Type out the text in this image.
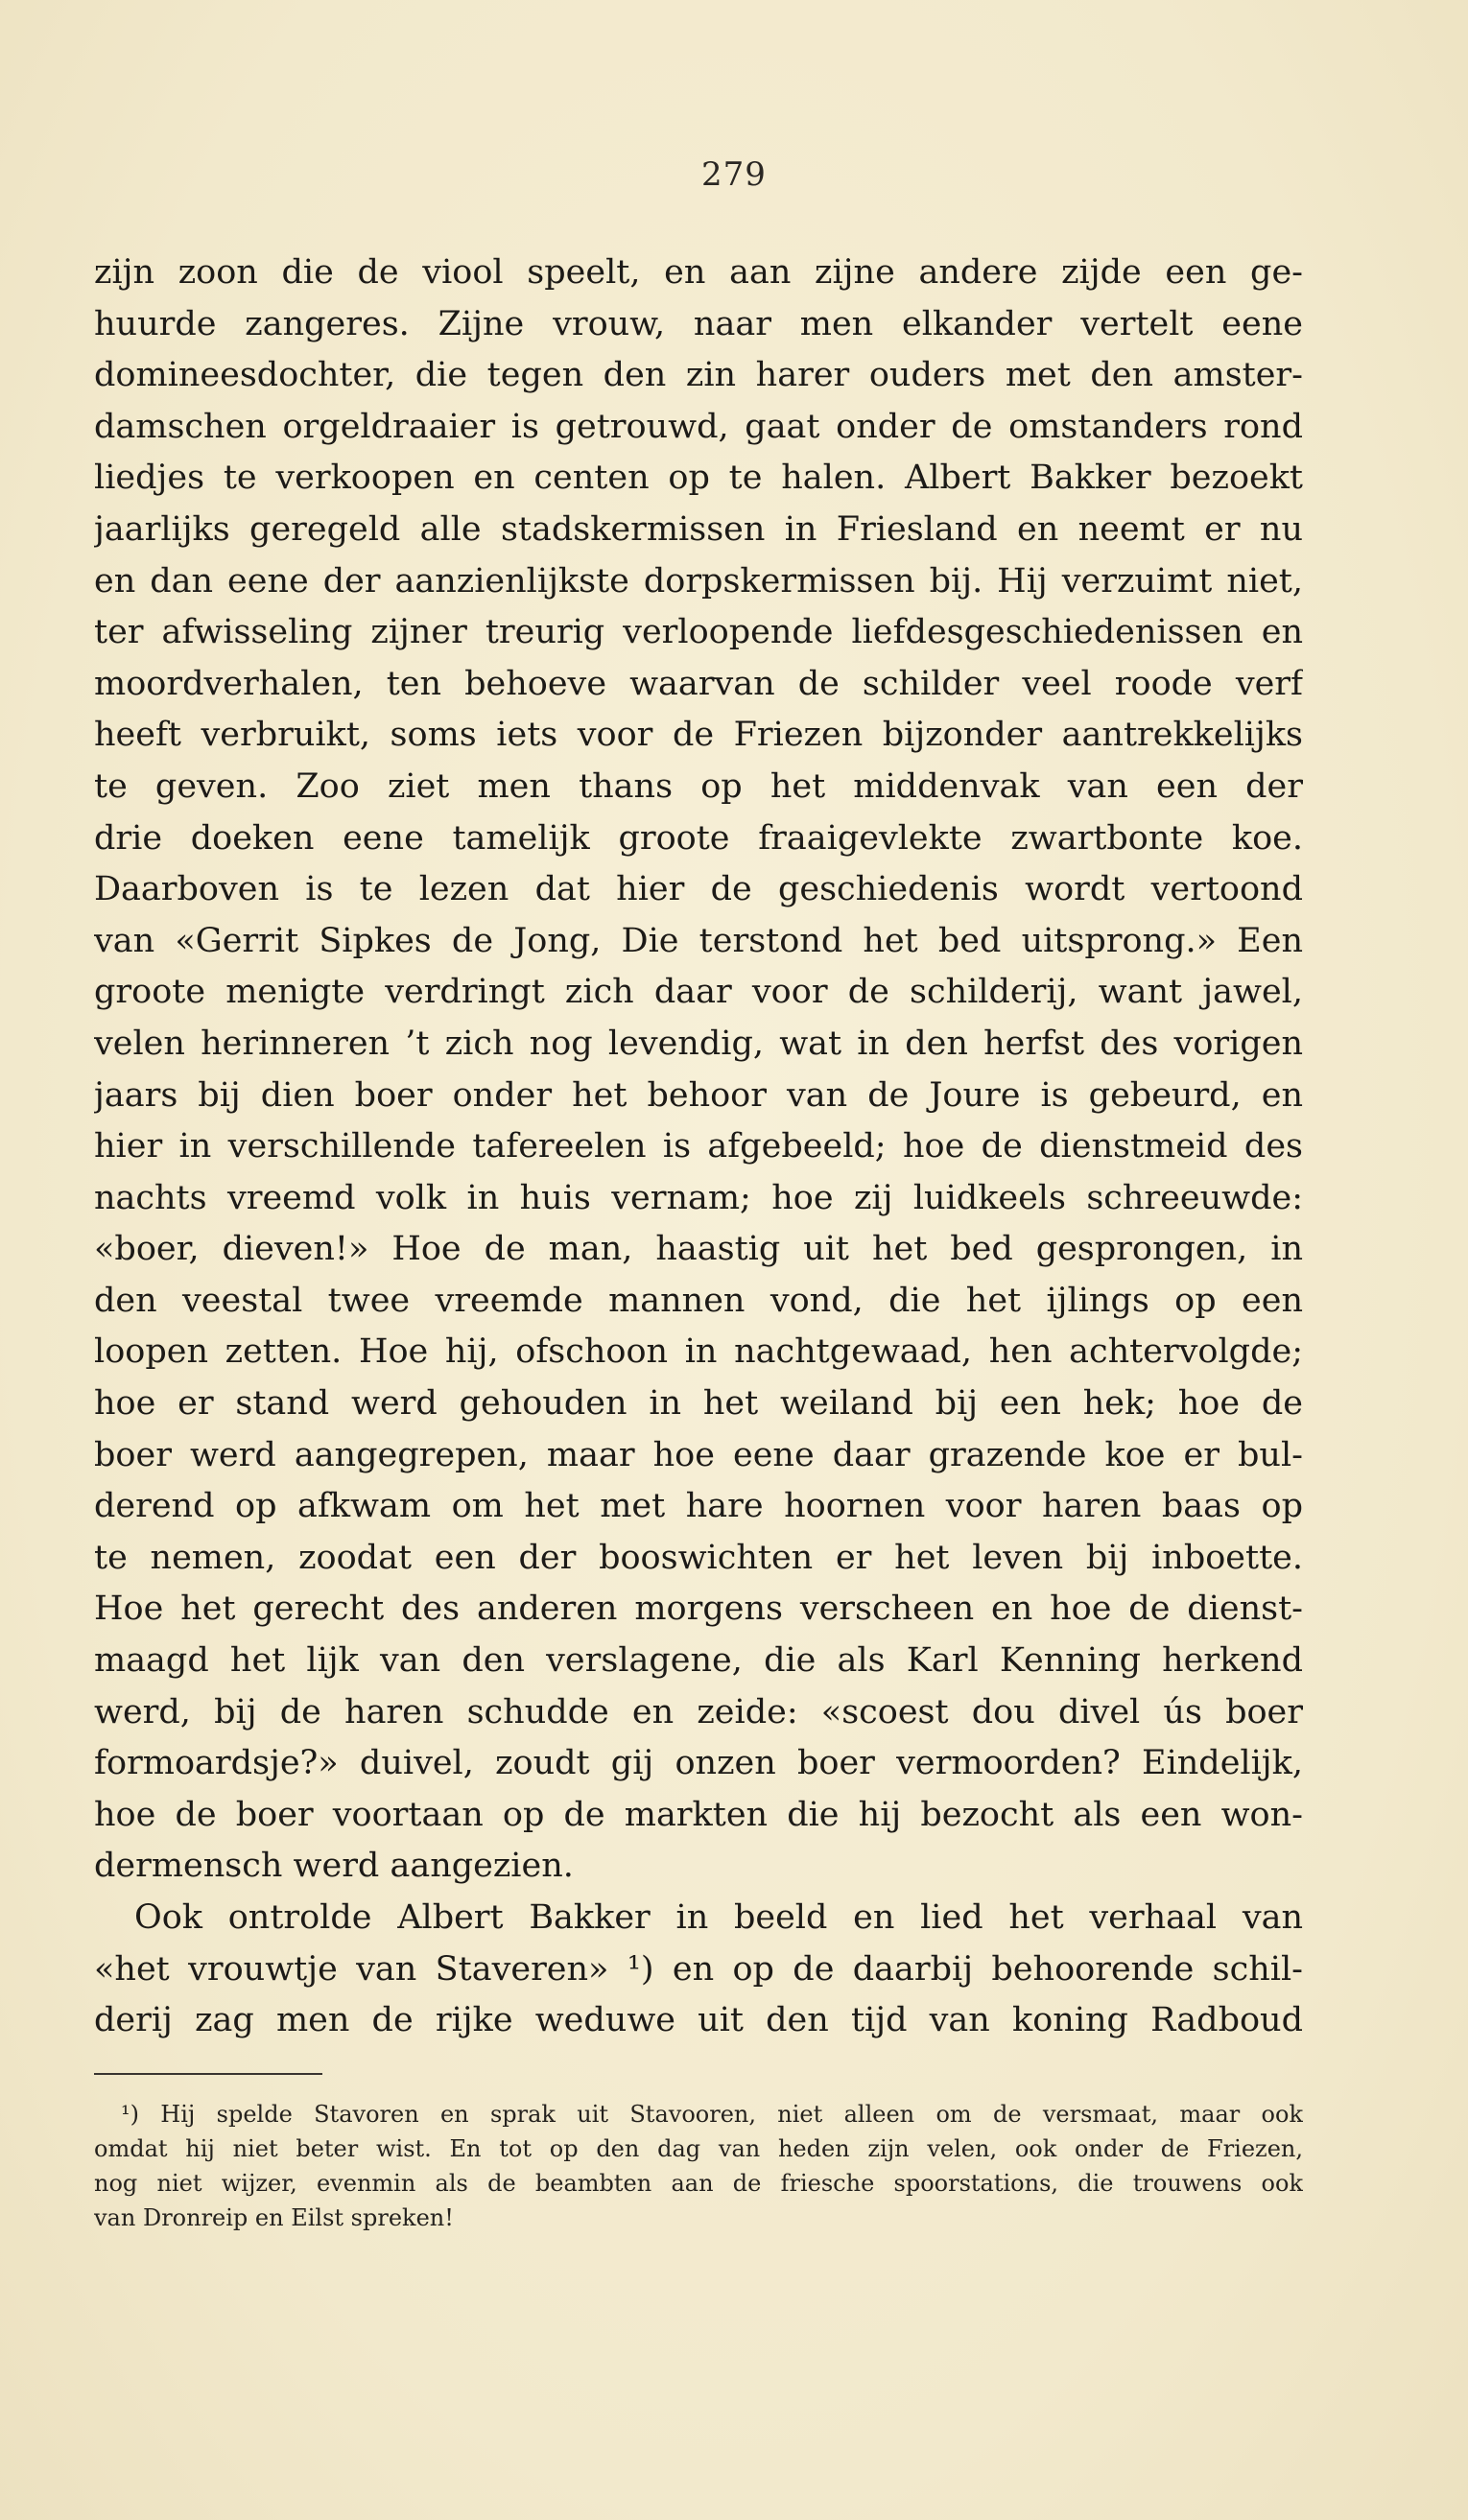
279
zijn zoon die de viool speelt, en aan zijne andere zijde een ge-
huurde zangeres. Zijne vrouw, naar men elkander vertelt eene
domineesdochter, die tegen den zin harer ouders met den amster-
damschen orgeldraaier is getrouwd, gaat onder de omstanders rond
liedjes te verkoopen en centen op te halen. Albert Bakker bezoekt
jaarlijks geregeld alle stadskermissen in Friesland en neemt er nu
en dan eene der aanzienlijkste dorpskermissen bij. Hij verzuimt niet,
ter afwisseling zijner treurig verloopende liefdesgeschiedenissen en
moordverhalen, ten behoeve waarvan de schilder veel roode verf
heeft verbruikt, soms iets voor de Friezen bijzonder aantrekkelijks
te geven. Zoo ziet men thans op het middenvak van een der
drie doeken eene tamelijk groote fraaigevlekte zwartbonte koe.
Daarboven is te lezen dat hier de geschiedenis wordt vertoond
van «Gerrit Sipkes de Jong, Die terstond het bed uitsprong.» Een
groote menigte verdringt zich daar voor de schilderij, want jawel,
velen herinneren ’t zich nog levendig, wat in den herfst des vorigen
jaars bij dien boer onder het behoor van de Joure is gebeurd, en
hier in verschillende tafereelen is afgebeeld; hoe de dienstmeid des
nachts vreemd volk in huis vernam; hoe zij luidkeels schreeuwde:
«boer, dieven!» Hoe de man, haastig uit het bed gesprongen, in
den veestal twee vreemde mannen vond, die het ijlings op een
loopen zetten. Hoe hij, ofschoon in nachtgewaad, hen achtervolgde;
hoe er stand werd gehouden in het weiland bij een hek; hoe de
boer werd aangegrepen, maar hoe eene daar grazende koe er bul-
derend op afkwam om het met hare hoornen voor haren baas op
te nemen, zoodat een der booswichten er het leven bij inboette.
Hoe het gerecht des anderen morgens verscheen en hoe de dienst-
maagd het lijk van den verslagene, die als Karl Kenning herkend
werd, bij de haren schudde en zeide: «scoest dou divel ús boer
formoardsje?» duivel, zoudt gij onzen boer vermoorden? Eindelijk,
hoe de boer voortaan op de markten die hij bezocht als een won-
dermensch werd aangezien.
Ook ontrolde Albert Bakker in beeld en lied het verhaal van
«het vrouwtje van Staveren» ¹) en op de daarbij behoorende schil-
derij zag men de rijke weduwe uit den tijd van koning Radboud
¹) Hij spelde Stavoren en sprak uit Stavooren, niet alleen om de versmaat, maar ook
omdat hij niet beter wist. En tot op den dag van heden zijn velen, ook onder de Friezen,
nog niet wijzer, evenmin als de beambten aan de friesche spoorstations, die trouwens ook
van Dronreip en Eilst spreken!
